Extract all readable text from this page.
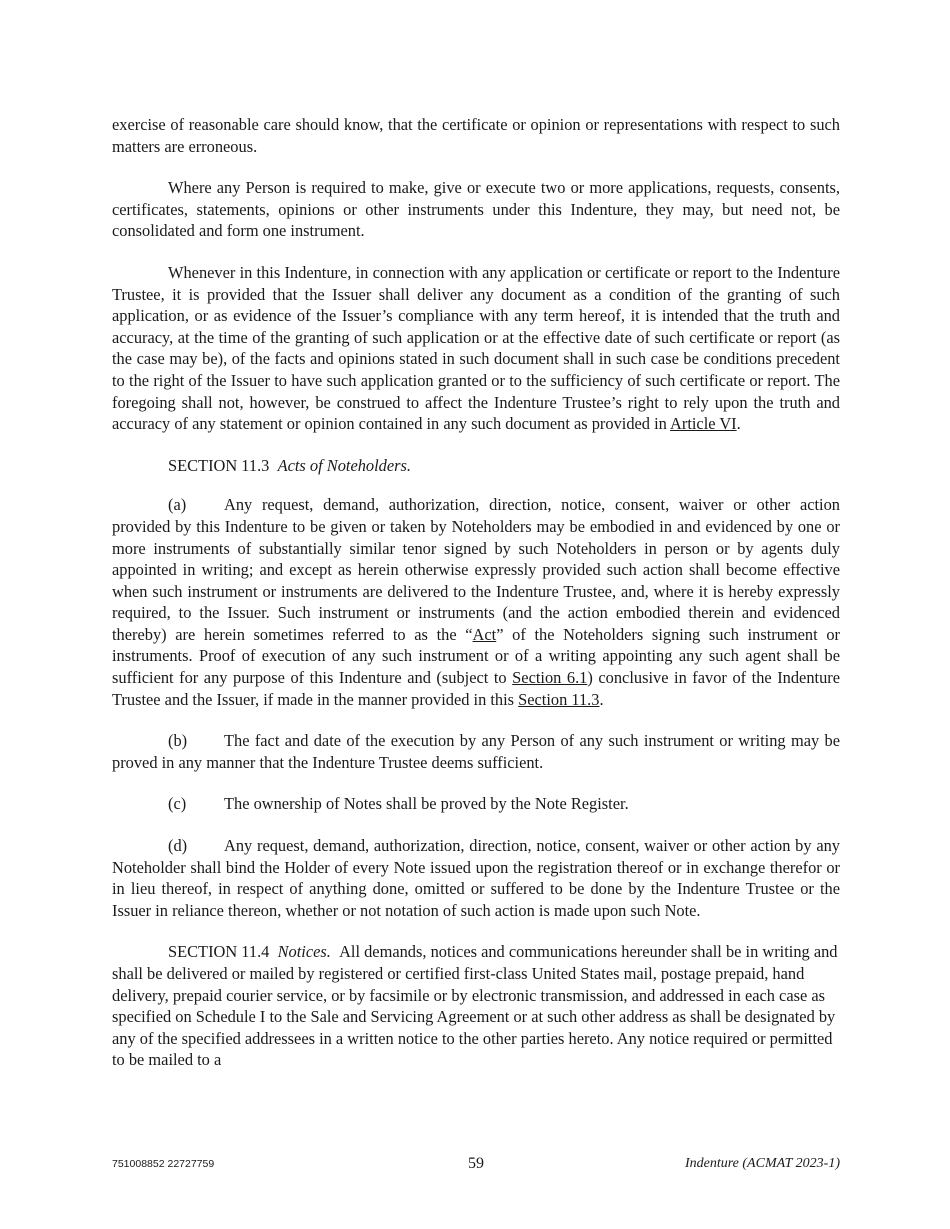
exercise of reasonable care should know, that the certificate or opinion or representations with respect to such matters are erroneous.

Where any Person is required to make, give or execute two or more applications, requests, consents, certificates, statements, opinions or other instruments under this Indenture, they may, but need not, be consolidated and form one instrument.

Whenever in this Indenture, in connection with any application or certificate or report to the Indenture Trustee, it is provided that the Issuer shall deliver any document as a condition of the granting of such application, or as evidence of the Issuer’s compliance with any term hereof, it is intended that the truth and accuracy, at the time of the granting of such application or at the effective date of such certificate or report (as the case may be), of the facts and opinions stated in such document shall in such case be conditions precedent to the right of the Issuer to have such application granted or to the sufficiency of such certificate or report. The foregoing shall not, however, be construed to affect the Indenture Trustee’s right to rely upon the truth and accuracy of any statement or opinion contained in any such document as provided in Article VI.

SECTION 11.3 Acts of Noteholders.

(a) Any request, demand, authorization, direction, notice, consent, waiver or other action provided by this Indenture to be given or taken by Noteholders may be embodied in and evidenced by one or more instruments of substantially similar tenor signed by such Noteholders in person or by agents duly appointed in writing; and except as herein otherwise expressly provided such action shall become effective when such instrument or instruments are delivered to the Indenture Trustee, and, where it is hereby expressly required, to the Issuer. Such instrument or instruments (and the action embodied therein and evidenced thereby) are herein sometimes referred to as the “Act” of the Noteholders signing such instrument or instruments. Proof of execution of any such instrument or of a writing appointing any such agent shall be sufficient for any purpose of this Indenture and (subject to Section 6.1) conclusive in favor of the Indenture Trustee and the Issuer, if made in the manner provided in this Section 11.3.

(b) The fact and date of the execution by any Person of any such instrument or writing may be proved in any manner that the Indenture Trustee deems sufficient.

(c) The ownership of Notes shall be proved by the Note Register.

(d) Any request, demand, authorization, direction, notice, consent, waiver or other action by any Noteholder shall bind the Holder of every Note issued upon the registration thereof or in exchange therefor or in lieu thereof, in respect of anything done, omitted or suffered to be done by the Indenture Trustee or the Issuer in reliance thereon, whether or not notation of such action is made upon such Note.

SECTION 11.4 Notices. All demands, notices and communications hereunder shall be in writing and shall be delivered or mailed by registered or certified first-class United States mail, postage prepaid, hand delivery, prepaid courier service, or by facsimile or by electronic transmission, and addressed in each case as specified on Schedule I to the Sale and Servicing Agreement or at such other address as shall be designated by any of the specified addressees in a written notice to the other parties hereto. Any notice required or permitted to be mailed to a

751008852 22727759	59	Indenture (ACMAT 2023-1)
